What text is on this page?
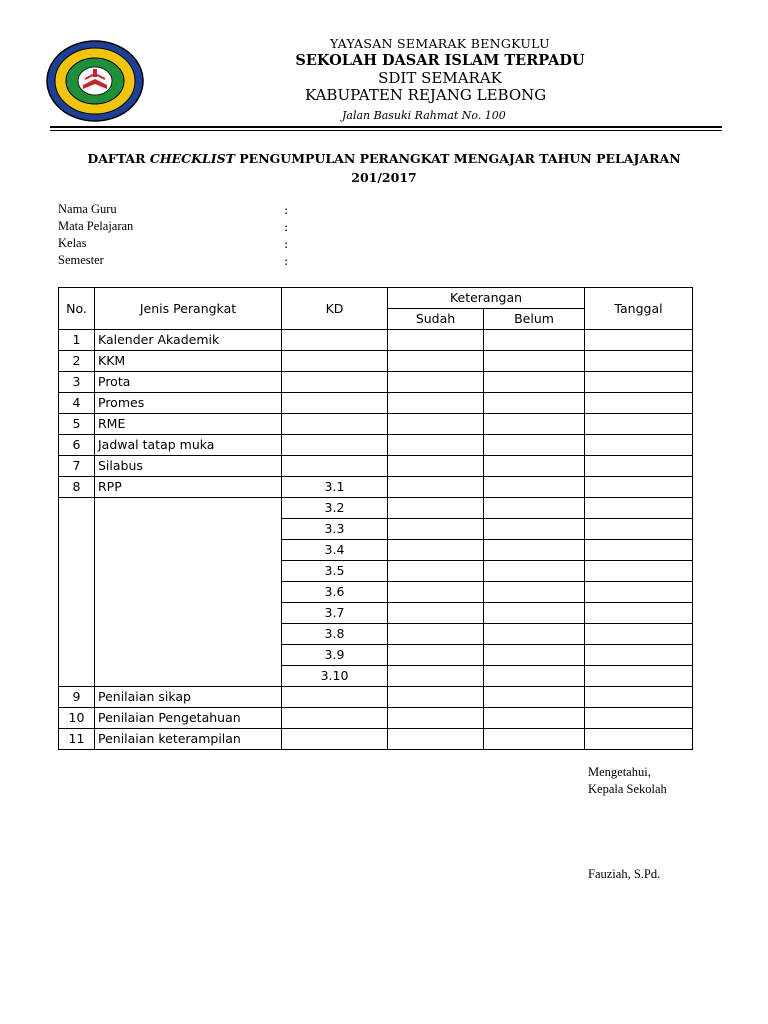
YAYASAN SEMARAK BENGKULU
SEKOLAH DASAR ISLAM TERPADU
SDIT SEMARAK
KABUPATEN REJANG LEBONG
Jalan Basuki Rahmat No. 100
DAFTAR CHECKLIST PENGUMPULAN PERANGKAT MENGAJAR TAHUN PELAJARAN
201/2017
Nama Guru	:
Mata Pelajaran	:
Kelas	:
Semester	:
No.	Jenis Perangkat	KD	Keterangan		Tanggal
			Sudah	Belum	
1	Kalender Akademik				
2	KKM				
3	Prota				
4	Promes				
5	RME				
6	Jadwal tatap muka				
7	Silabus				
8	RPP	3.1			
		3.2			
		3.3			
		3.4			
		3.5			
		3.6			
		3.7			
		3.8			
		3.9			
		3.10			
9	Penilaian sikap				
10	Penilaian Pengetahuan				
11	Penilaian keterampilan				
Mengetahui,
Kepala Sekolah
Fauziah, S.Pd.
